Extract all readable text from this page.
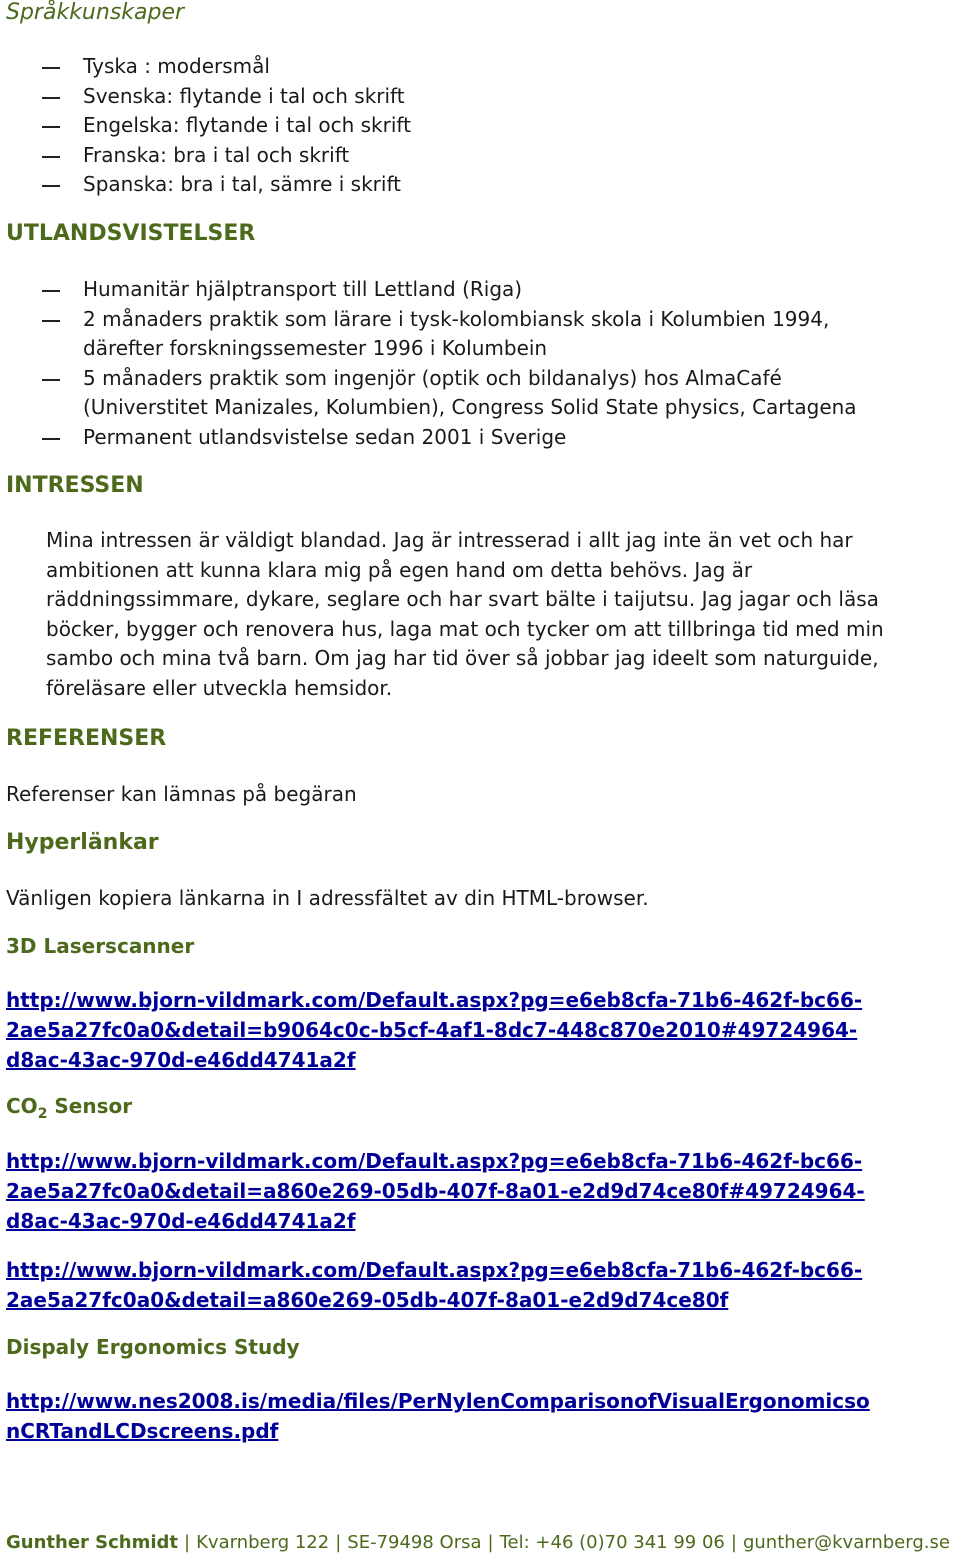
Språkkunskaper
Tyska : modersmål
Svenska: flytande i tal och skrift
Engelska: flytande i tal och skrift
Franska: bra i tal och skrift
Spanska: bra i tal, sämre i skrift
UTLANDSVISTELSER
Humanitär hjälptransport till Lettland (Riga)
2 månaders praktik som lärare i tysk-kolombiansk skola i Kolumbien 1994,
därefter forskningssemester 1996 i Kolumbein
5 månaders praktik som ingenjör (optik och bildanalys) hos AlmaCafé
(Universtitet Manizales, Kolumbien), Congress Solid State physics, Cartagena
Permanent utlandsvistelse sedan 2001 i Sverige
INTRESSEN
Mina intressen är väldigt blandad. Jag är intresserad i allt jag inte än vet och har ambitionen att kunna klara mig på egen hand om detta behövs. Jag är räddningssimmare, dykare, seglare och har svart bälte i taijutsu. Jag jagar och läsa böcker, bygger och renovera hus, laga mat och tycker om att tillbringa tid med min sambo och mina två barn. Om jag har tid över så jobbar jag ideelt som naturguide, föreläsare eller utveckla hemsidor.
REFERENSER
Referenser kan lämnas på begäran
Hyperlänkar
Vänligen kopiera länkarna in I adressfältet av din HTML-browser.
3D Laserscanner
http://www.bjorn-vildmark.com/Default.aspx?pg=e6eb8cfa-71b6-462f-bc66-
2ae5a27fc0a0&detail=b9064c0c-b5cf-4af1-8dc7-448c870e2010#49724964-
d8ac-43ac-970d-e46dd4741a2f
$CO_2$ Sensor
http://www.bjorn-vildmark.com/Default.aspx?pg=e6eb8cfa-71b6-462f-bc66-
2ae5a27fc0a0&detail=a860e269-05db-407f-8a01-e2d9d74ce80f#49724964-
d8ac-43ac-970d-e46dd4741a2f
http://www.bjorn-vildmark.com/Default.aspx?pg=e6eb8cfa-71b6-462f-bc66-
2ae5a27fc0a0&detail=a860e269-05db-407f-8a01-e2d9d74ce80f
Dispaly Ergonomics Study
http://www.nes2008.is/media/files/PerNylenComparisonofVisualErgonomicso
nCRTandLCDscreens.pdf
Gunther Schmidt | Kvarnberg 122 | SE-79498 Orsa | Tel: +46 (0)70 341 99 06 | gunther@kvarnberg.se
